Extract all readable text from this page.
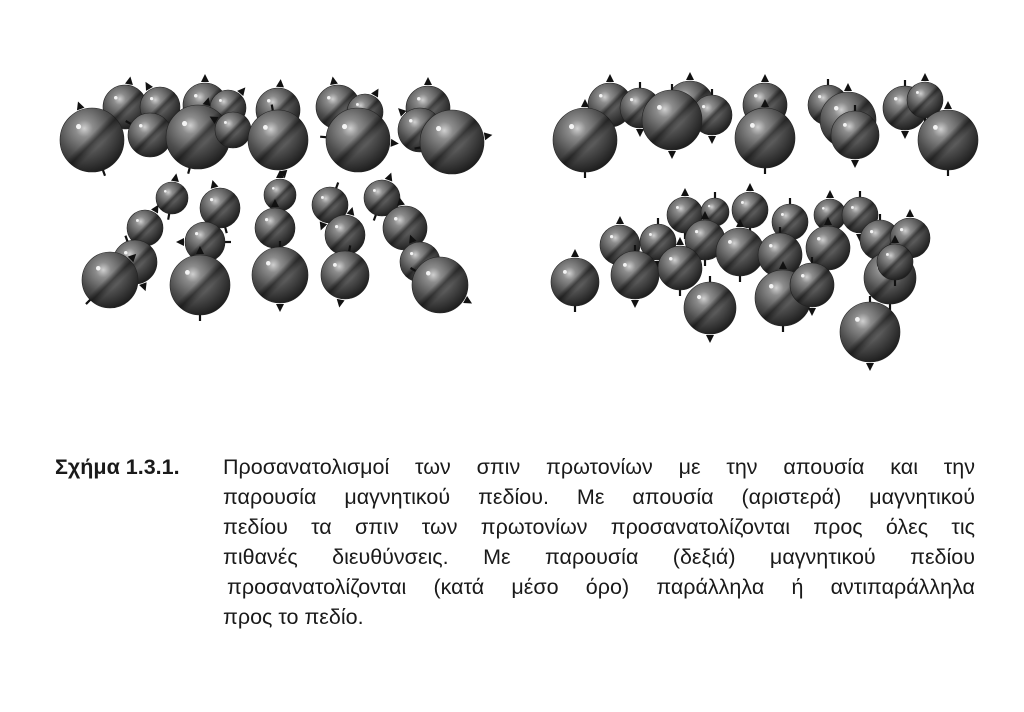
Σχήμα 1.3.1. Προσανατολισμοί των σπιν πρωτονίων με την απουσία και την
παρουσία μαγνητικού πεδίου. Με απουσία (αριστερά) μαγνητικού
πεδίου τα σπιν των πρωτονίων προσανατολίζονται προς όλες τις
πιθανές διευθύνσεις. Με παρουσία (δεξιά) μαγνητικού πεδίου
προσανατολίζονται (κατά μέσο όρο) παράλληλα ή αντιπαράλληλα
προς το πεδίο.
